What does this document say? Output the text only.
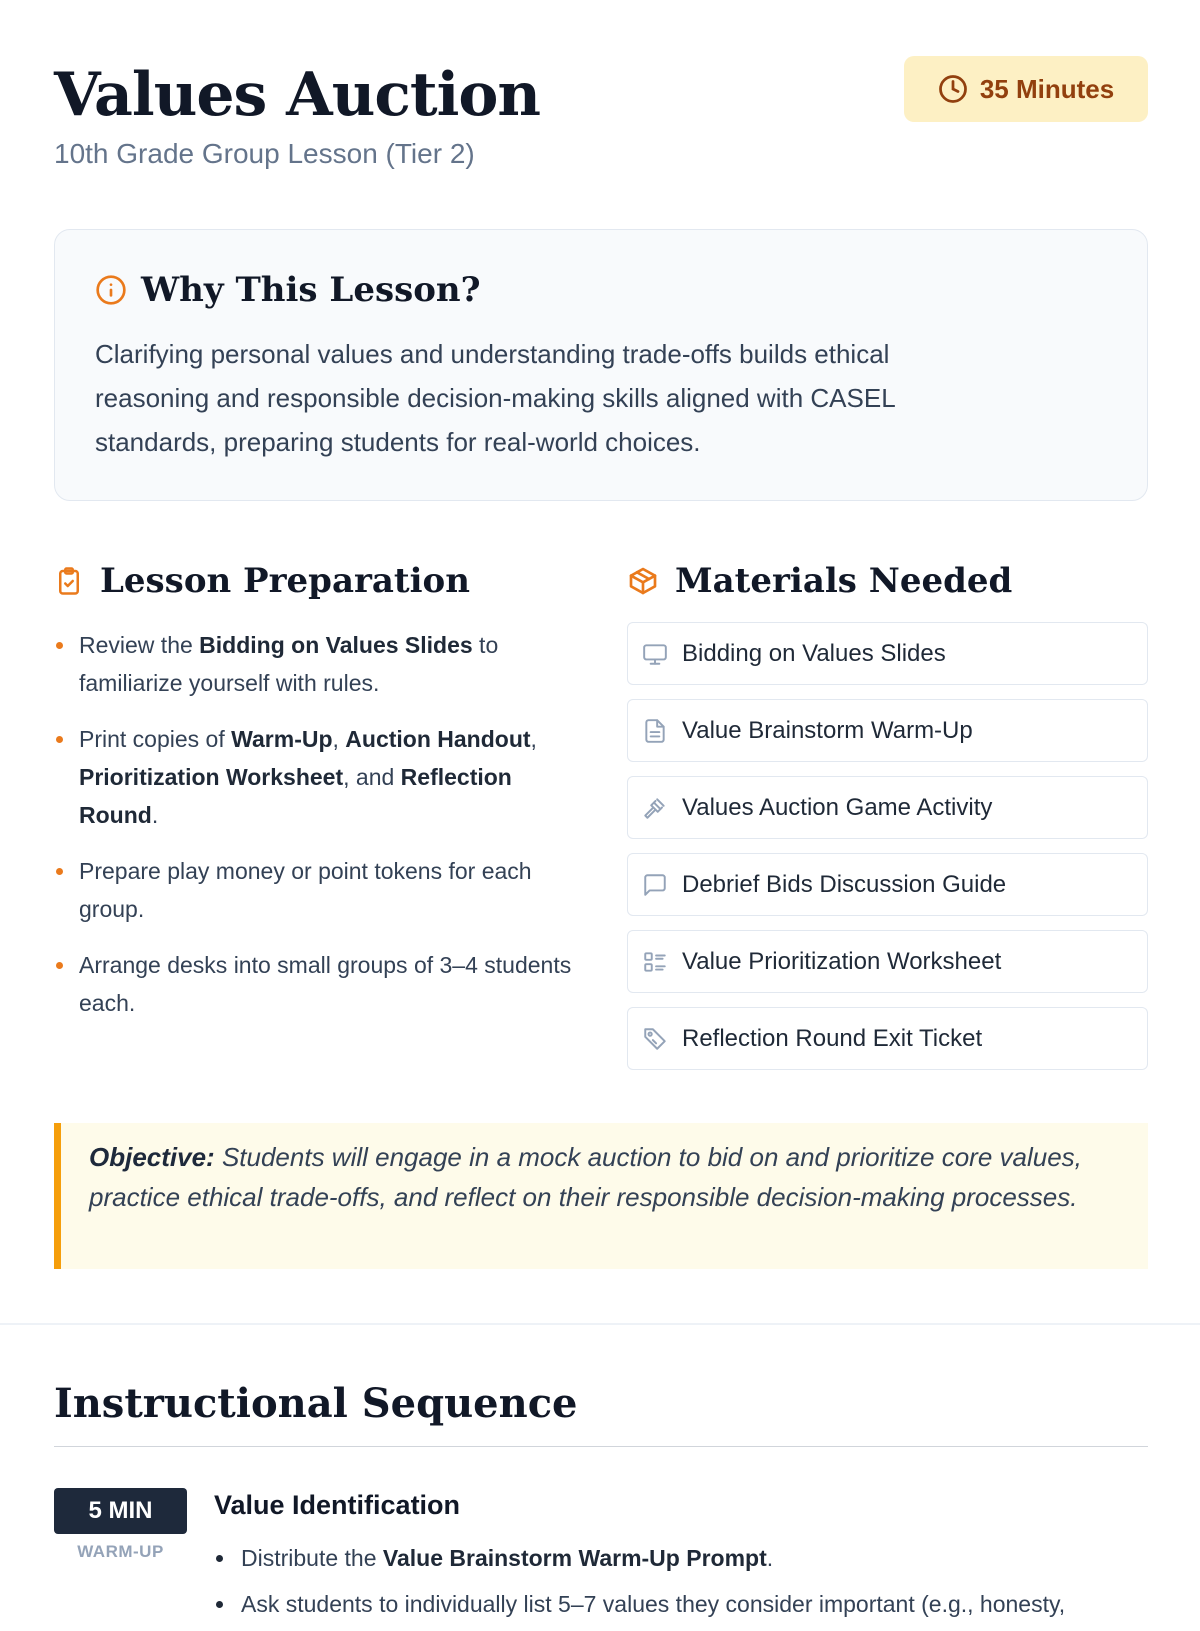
Values Auction
10th Grade Group Lesson (Tier 2)
35 Minutes
Why This Lesson?
Clarifying personal values and understanding trade-offs builds ethical reasoning and responsible decision-making skills aligned with CASEL standards, preparing students for real-world choices.
Lesson Preparation
Review the Bidding on Values Slides to familiarize yourself with rules.
Print copies of Warm-Up, Auction Handout, Prioritization Worksheet, and Reflection Round.
Prepare play money or point tokens for each group.
Arrange desks into small groups of 3–4 students each.
Materials Needed
Bidding on Values Slides
Value Brainstorm Warm-Up
Values Auction Game Activity
Debrief Bids Discussion Guide
Value Prioritization Worksheet
Reflection Round Exit Ticket
Objective: Students will engage in a mock auction to bid on and prioritize core values, practice ethical trade-offs, and reflect on their responsible decision-making processes.
Instructional Sequence
5 MIN
WARM-UP
Value Identification
Distribute the Value Brainstorm Warm-Up Prompt.
Ask students to individually list 5–7 values they consider important (e.g., honesty,
